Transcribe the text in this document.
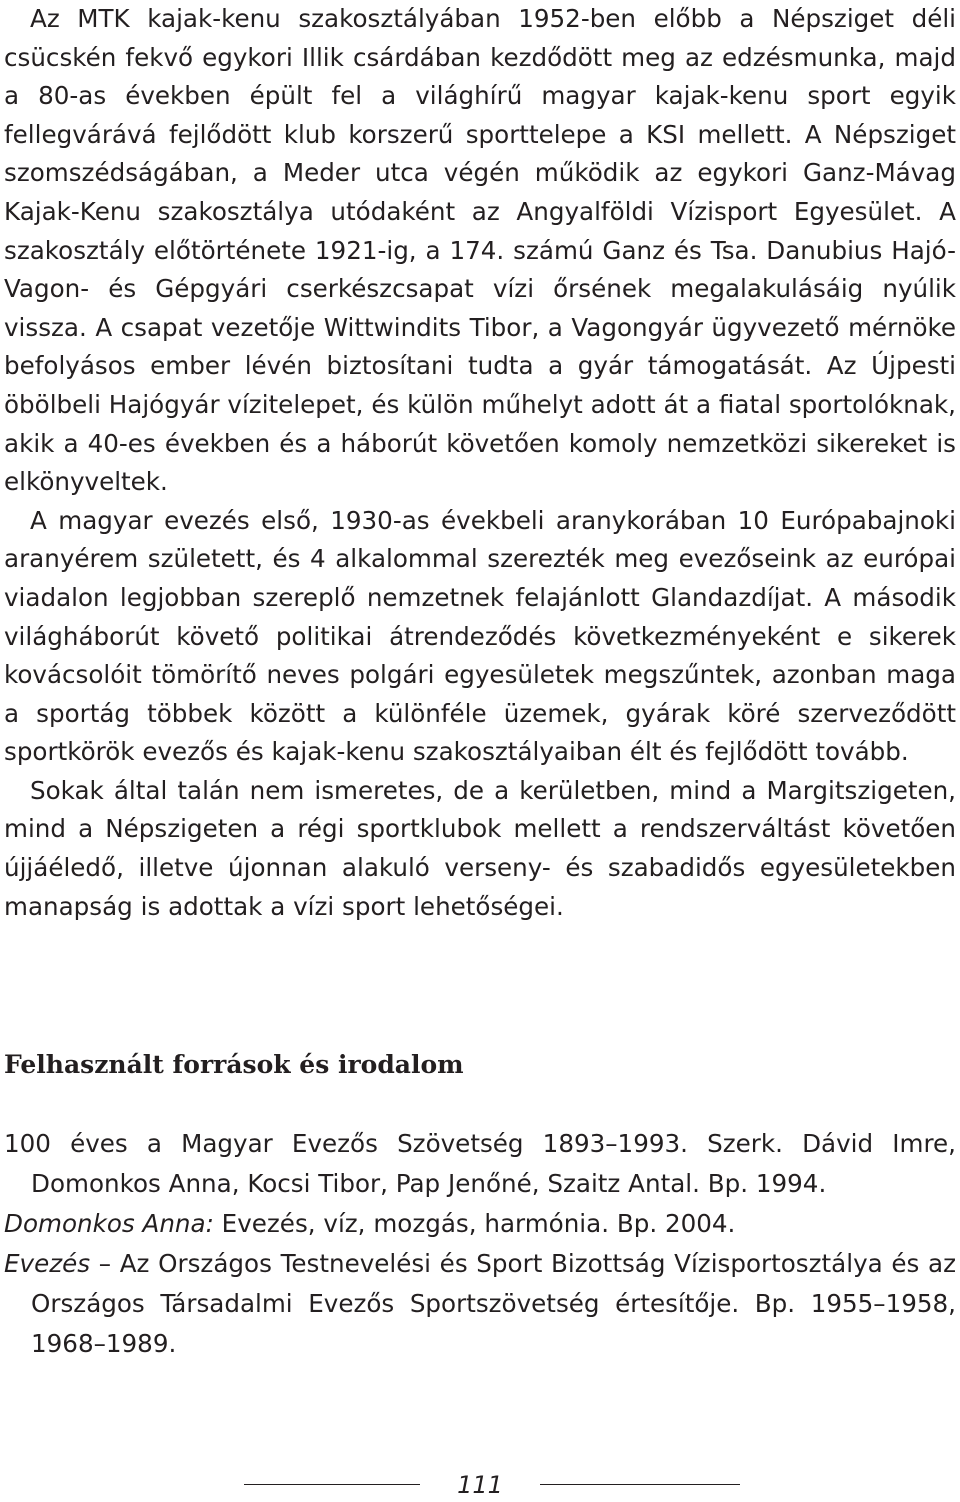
Az MTK kajak-kenu szakosztályában 1952-ben előbb a Népsziget déli csücskén fekvő egykori Illik csárdában kezdődött meg az edzésmunka, majd a 80-as években épült fel a világhírű magyar kajak-kenu sport egyik fellegvárává fejlődött klub korszerű sporttelepe a KSI mellett. A Népsziget szomszédságában, a Meder utca végén működik az egykori Ganz-Mávag Kajak-Kenu szakosztálya utódaként az Angyalföldi Vízisport Egyesület. A szakosztály előtörténete 1921-ig, a 174. számú Ganz és Tsa. Danubius Hajó- Vagon- és Gépgyári cserkészcsapat vízi őrsének megalakulásáig nyúlik vissza. A csapat vezetője Wittwindits Tibor, a Vagongyár ügyvezető mérnöke befolyásos ember lévén biztosítani tudta a gyár támogatását. Az Újpesti öbölbeli Hajógyár vízitelepet, és külön műhelyt adott át a fiatal sportolóknak, akik a 40-es években és a háborút követően komoly nemzetközi sikereket is elkönyveltek.

A magyar evezés első, 1930-as évekbeli aranykorában 10 Európabajnoki aranyérem született, és 4 alkalommal szerezték meg evezőseink az európai viadalon legjobban szereplő nemzetnek felajánlott Glandazdíjat. A második világháborút követő politikai átrendeződés következményeként e sikerek kovácsolóit tömörítő neves polgári egyesületek megszűntek, azonban maga a sportág többek között a különféle üzemek, gyárak köré szerveződött sportkörök evezős és kajak-kenu szakosztályaiban élt és fejlődött tovább.

Sokak által talán nem ismeretes, de a kerületben, mind a Margitszigeten, mind a Népszigeten a régi sportklubok mellett a rendszerváltást követően újjáéledő, illetve újonnan alakuló verseny- és szabadidős egyesületekben manapság is adottak a vízi sport lehetőségei.

Felhasznált források és irodalom
100 éves a Magyar Evezős Szövetség 1893–1993. Szerk. Dávid Imre, Domonkos Anna, Kocsi Tibor, Pap Jenőné, Szaitz Antal. Bp. 1994.
Domonkos Anna: Evezés, víz, mozgás, harmónia. Bp. 2004.
Evezés – Az Országos Testnevelési és Sport Bizottság Vízisportosztálya és az Országos Társadalmi Evezős Sportszövetség értesítője. Bp. 1955–1958, 1968–1989.
111
